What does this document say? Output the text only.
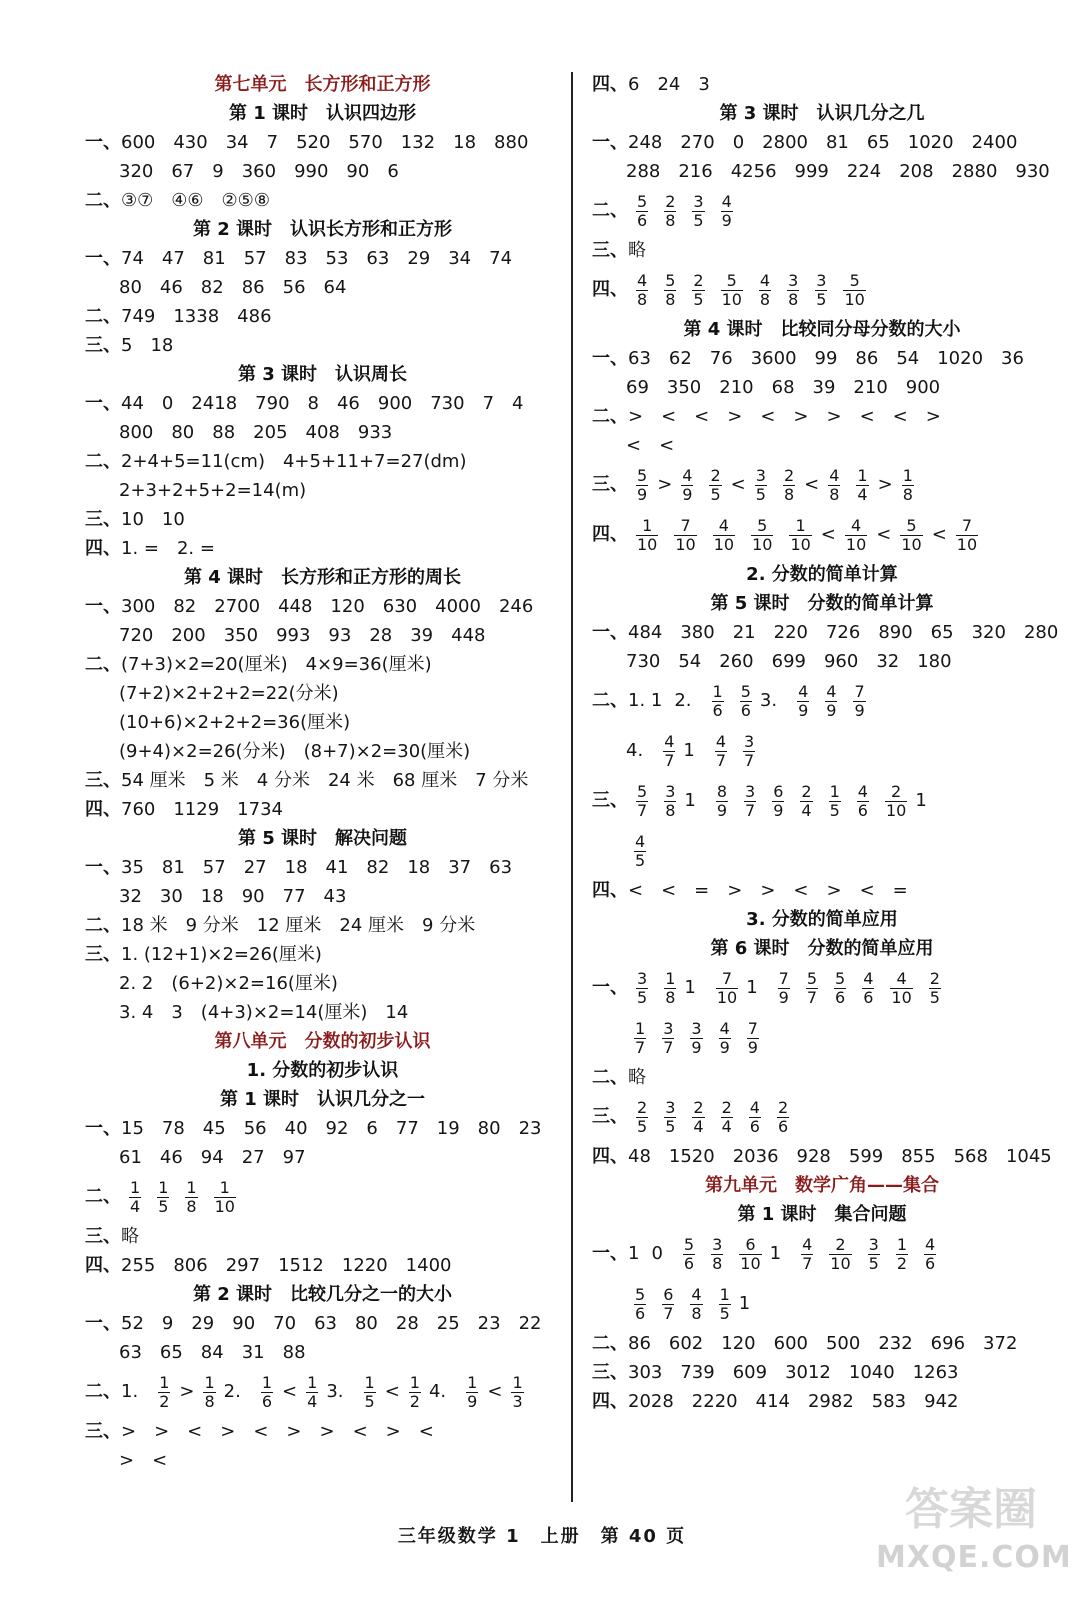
第七单元　长方形和正方形
第 1 课时　认识四边形
一、600　430　34　7　520　570　132　18　880
320　67　9　360　990　90　6
二、③⑦　④⑥　②⑤⑧
第 2 课时　认识长方形和正方形
一、74　47　81　57　83　53　63　29　34　74
80　46　82　86　56　64
二、749　1338　486
三、5　18
第 3 课时　认识周长
一、44　0　2418　790　8　46　900　730　7　4
800　80　88　205　408　933
二、2+4+5=11(cm)　4+5+11+7=27(dm)
2+3+2+5+2=14(m)
三、10　10
四、1. =　2. =
第 4 课时　长方形和正方形的周长
一、300　82　2700　448　120　630　4000　246
720　200　350　993　93　28　39　448
二、(7+3)×2=20(厘米)　4×9=36(厘米)
(7+2)×2+2+2=22(分米)
(10+6)×2+2+2=36(厘米)
(9+4)×2=26(分米)　(8+7)×2=30(厘米)
三、54 厘米　5 米　4 分米　24 米　68 厘米　7 分米
四、760　1129　1734
第 5 课时　解决问题
一、35　81　57　27　18　41　82　18　37　63
32　30　18　90　77　43
二、18 米　9 分米　12 厘米　24 厘米　9 分米
三、1. (12+1)×2=26(厘米)
2. 2　(6+2)×2=16(厘米)
3. 4　3　(4+3)×2=14(厘米)　14
第八单元　分数的初步认识
1. 分数的初步认识
第 1 课时　认识几分之一
一、15　78　45　56　40　92　6　77　19　80　23
61　46　94　27　97
二、 $\frac{1}{4} \frac{1}{5} \frac{1}{8} \frac{1}{10}$
三、略
四、255　806　297　1512　1220　1400
第 2 课时　比较几分之一的大小
一、52　9　29　90　70　63　80　28　25　23　22
63　65　84　31　88
二、1. $\frac{1}{2} > \frac{1}{8} 2$. $\frac{1}{6} < \frac{1}{4} 3$. $\frac{1}{5} < \frac{1}{2} 4$. $\frac{1}{9} < \frac{1}{3}$
三、>　>　<　>　<　>　>　<　>　<
>　<
四、6　24　3
第 3 课时　认识几分之几
一、248　270　0　2800　81　65　1020　2400
288　216　4256　999　224　208　2880　930
二、 $\frac{5}{6} \frac{2}{8} \frac{3}{5} \frac{4}{9}$
三、略
四、 $\frac{4}{8} \frac{5}{8} \frac{2}{5} \frac{5}{10} \frac{4}{8} \frac{3}{8} \frac{3}{5} \frac{5}{10}$
第 4 课时　比较同分母分数的大小
一、63　62　76　3600　99　86　54　1020　36
69　350　210　68　39　210　900
二、>　<　<　>　<　>　>　<　<　>
<　<
三、 $\frac{5}{9} > \frac{4}{9} \frac{2}{5} < \frac{3}{5} \frac{2}{8} < \frac{4}{8} \frac{1}{4} > \frac{1}{8}$
四、 $\frac{1}{10} \frac{7}{10} \frac{4}{10} \frac{5}{10} \frac{1}{10} < \frac{4}{10} < \frac{5}{10} < \frac{7}{10}$
2. 分数的简单计算
第 5 课时　分数的简单计算
一、484　380　21　220　726　890　65　320　280
730　54　260　699　960　32　180
二、1. 1 2. $\frac{1}{6} \frac{5}{6} 3$. $\frac{4}{9} \frac{4}{9} \frac{7}{9}$
4. $\frac{4}{7} 1 \frac{4}{7} \frac{3}{7}$
三、 $\frac{5}{7} \frac{3}{8} 1 \frac{8}{9} \frac{3}{7} \frac{6}{9} \frac{2}{4} \frac{1}{5} \frac{4}{6} \frac{2}{10} 1$
$\frac{4}{5}$
四、<　<　=　>　>　<　>　<　=
3. 分数的简单应用
第 6 课时　分数的简单应用
一、 $\frac{3}{5} \frac{1}{8} 1 \frac{7}{10} 1 \frac{7}{9} \frac{5}{7} \frac{5}{6} \frac{4}{6} \frac{4}{10} \frac{2}{5}$
$\frac{1}{7} \frac{3}{7} \frac{3}{9} \frac{4}{9} \frac{7}{9}$
二、略
三、 $\frac{2}{5} \frac{3}{5} \frac{2}{4} \frac{2}{4} \frac{4}{6} \frac{2}{6}$
四、48　1520　2036　928　599　855　568　1045
第九单元　数学广角——集合
第 1 课时　集合问题
一、1 $0 \frac{5}{6} \frac{3}{8} \frac{6}{10} 1 \frac{4}{7} \frac{2}{10} \frac{3}{5} \frac{1}{2} \frac{4}{6}$
$\frac{5}{6} \frac{6}{7} \frac{4}{8} \frac{1}{5} 1$
二、86　602　120　600　500　232　696　372
三、303　739　609　3012　1040　1263
四、2028　2220　414　2982　583　942
三年级数学 1　上册　第 40 页
答案圈
MXQE.COM
